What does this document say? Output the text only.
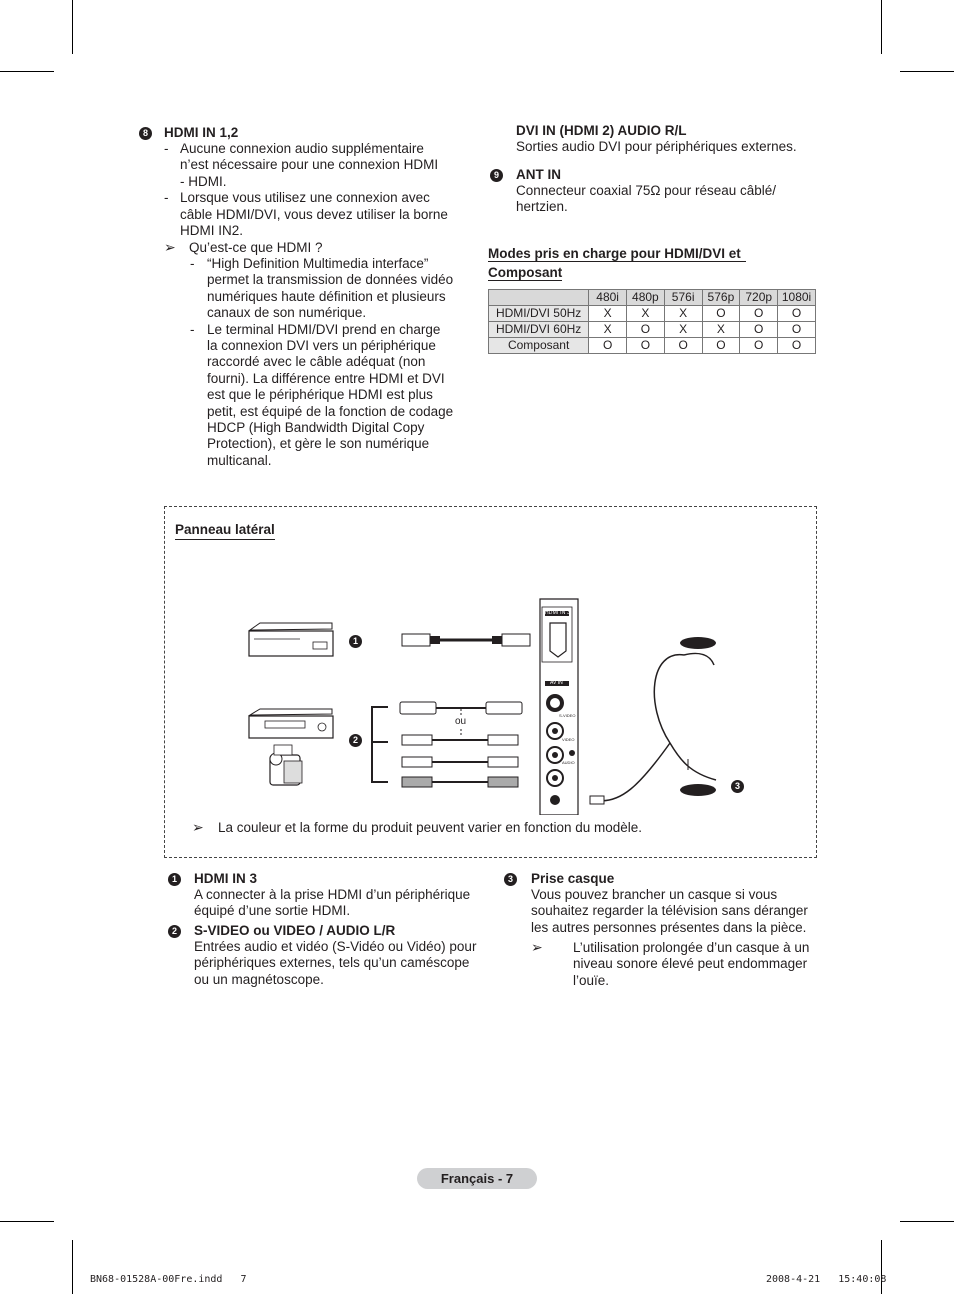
8 HDMI IN 1,2
- Aucune connexion audio supplémentaire
n’est nécessaire pour une connexion HDMI
- HDMI.
- Lorsque vous utilisez une connexion avec
câble HDMI/DVI, vous devez utiliser la borne
HDMI IN2.
➢ Qu’est-ce que HDMI ?
- “High Definition Multimedia interface”
permet la transmission de données vidéo
numériques haute définition et plusieurs
canaux de son numérique.
- Le terminal HDMI/DVI prend en charge
la connexion DVI vers un périphérique
raccordé avec le câble adéquat (non
fourni). La différence entre HDMI et DVI
est que le périphérique HDMI est plus
petit, est équipé de la fonction de codage
HDCP (High Bandwidth Digital Copy
Protection), et gère le son numérique
multicanal.
DVI IN (HDMI 2) AUDIO R/L
Sorties audio DVI pour périphériques externes.
9 ANT IN
Connecteur coaxial 75Ω pour réseau câblé/
hertzien.
Modes pris en charge pour HDMI/DVI et
Composant
	480i	480p	576i	576p	720p	1080i
HDMI/DVI 50Hz	X	X	X	O	O	O
HDMI/DVI 60Hz	X	O	X	X	O	O
Composant	O	O	O	O	O	O
Panneau latéral
HDMI IN 3
AV IN
S-VIDEO
VIDEO
AUDIO
1
2
3
ou
➢ La couleur et la forme du produit peuvent varier en fonction du modèle.
1 HDMI IN 3
A connecter à la prise HDMI d’un périphérique
équipé d’une sortie HDMI.
2 S-VIDEO ou VIDEO / AUDIO L/R
Entrées audio et vidéo (S-Vidéo ou Vidéo) pour
périphériques externes, tels qu’un caméscope
ou un magnétoscope.
3 Prise casque
Vous pouvez brancher un casque si vous
souhaitez regarder la télévision sans déranger
les autres personnes présentes dans la pièce.
➢ L’utilisation prolongée d’un casque à un
niveau sonore élevé peut endommager
l’ouïe.
Français - 7
BN68-01528A-00Fre.indd   7	2008-4-21   15:40:08
